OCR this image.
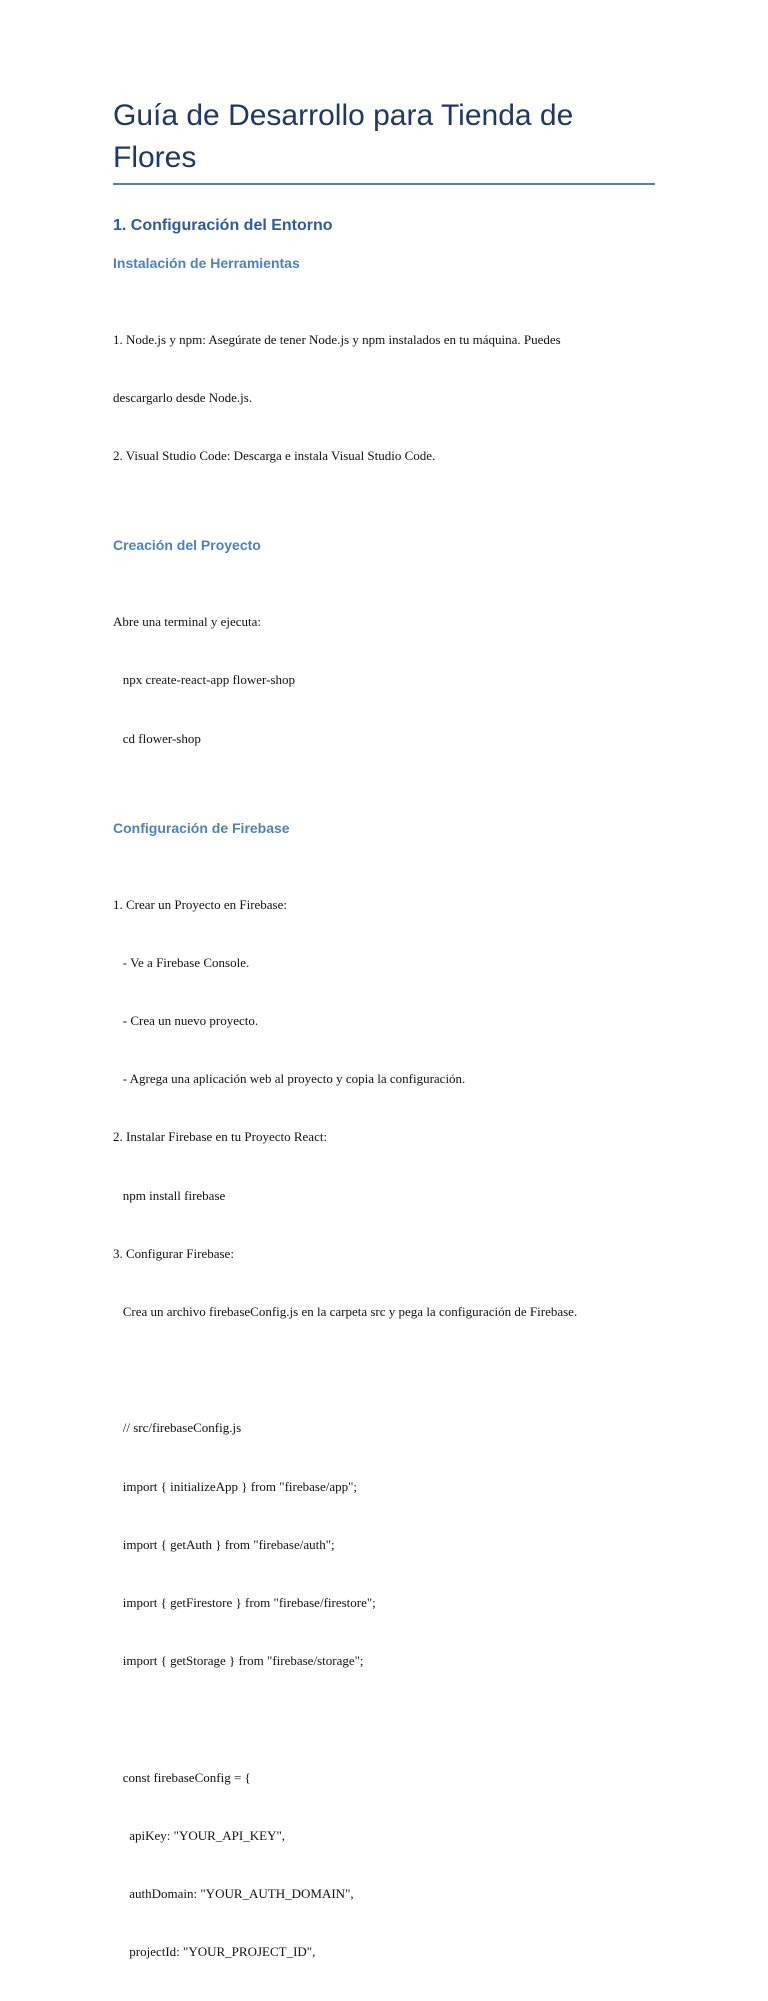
Guía de Desarrollo para Tienda de
Flores
1. Configuración del Entorno
Instalación de Herramientas

1. Node.js y npm: Asegúrate de tener Node.js y npm instalados en tu máquina. Puedes

descargarlo desde Node.js.

2. Visual Studio Code: Descarga e instala Visual Studio Code.

Creación del Proyecto

Abre una terminal y ejecuta:

npx create-react-app flower-shop

cd flower-shop

Configuración de Firebase

1. Crear un Proyecto en Firebase:

- Ve a Firebase Console.

- Crea un nuevo proyecto.

- Agrega una aplicación web al proyecto y copia la configuración.

2. Instalar Firebase en tu Proyecto React:

npm install firebase

3. Configurar Firebase:

Crea un archivo firebaseConfig.js en la carpeta src y pega la configuración de Firebase.

// src/firebaseConfig.js

import { initializeApp } from "firebase/app";

import { getAuth } from "firebase/auth";

import { getFirestore } from "firebase/firestore";

import { getStorage } from "firebase/storage";

const firebaseConfig = {

apiKey: "YOUR_API_KEY",

authDomain: "YOUR_AUTH_DOMAIN",

projectId: "YOUR_PROJECT_ID",
